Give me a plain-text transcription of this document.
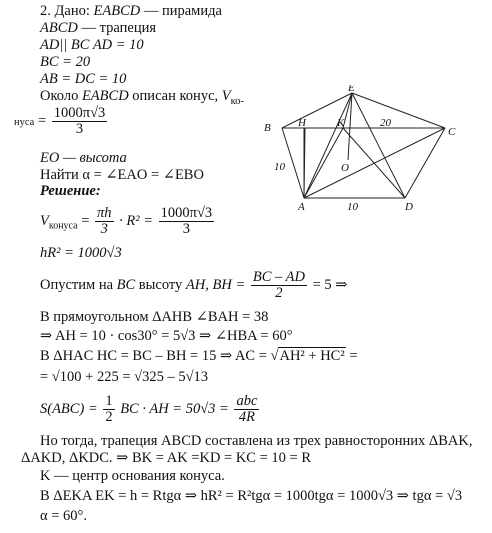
2. Дано: EABCD — пирамида
ABCD — трапеция
AD|| BC AD = 10
BC = 20
AB = DC = 10
Около EABCD описан конус, $V_{ко-}$
нуса = $\frac{1000\pi√3}{3}$
EO — высота
Найти α = ∠EAO = ∠EBO
Решение:
E
B H	K
C
A	D
O
10
10
20
$V_{конуса} = \frac{\pi h}{3} \cdot R^2 = \frac{1000\pi√3}{3}$
hR² = 1000√3
Опустим на BC высоту AH, BH = $\frac{BC - AD}{2} = 5$ ⇒
В прямоугольном ΔAHB ∠BAH = 38
⇒ AH = 10 · cos30° = 5√3 ⇒ ∠HBA = 60°
В ΔHAC HC = BC – BH = 15 ⇒ AC = √AH² + HC² =
= √100 + 225 = √325 – 5√13
$S(ABC) = \frac{1}{2}$ BC · AH = $50√3 = \frac{\text{abc}}{4R}$
Но тогда, трапеция ABCD составлена из трех равносторонних ΔBAK,
ΔAKD, ΔKDC. ⇒ BK = AK =KD = KC = 10 = R
K — центр основания конуса.
В ΔEKA EK = h = Rtgα ⇒ hR² = R²tgα = 1000tgα = 1000√3 ⇒ tgα = √3
α = 60°.
